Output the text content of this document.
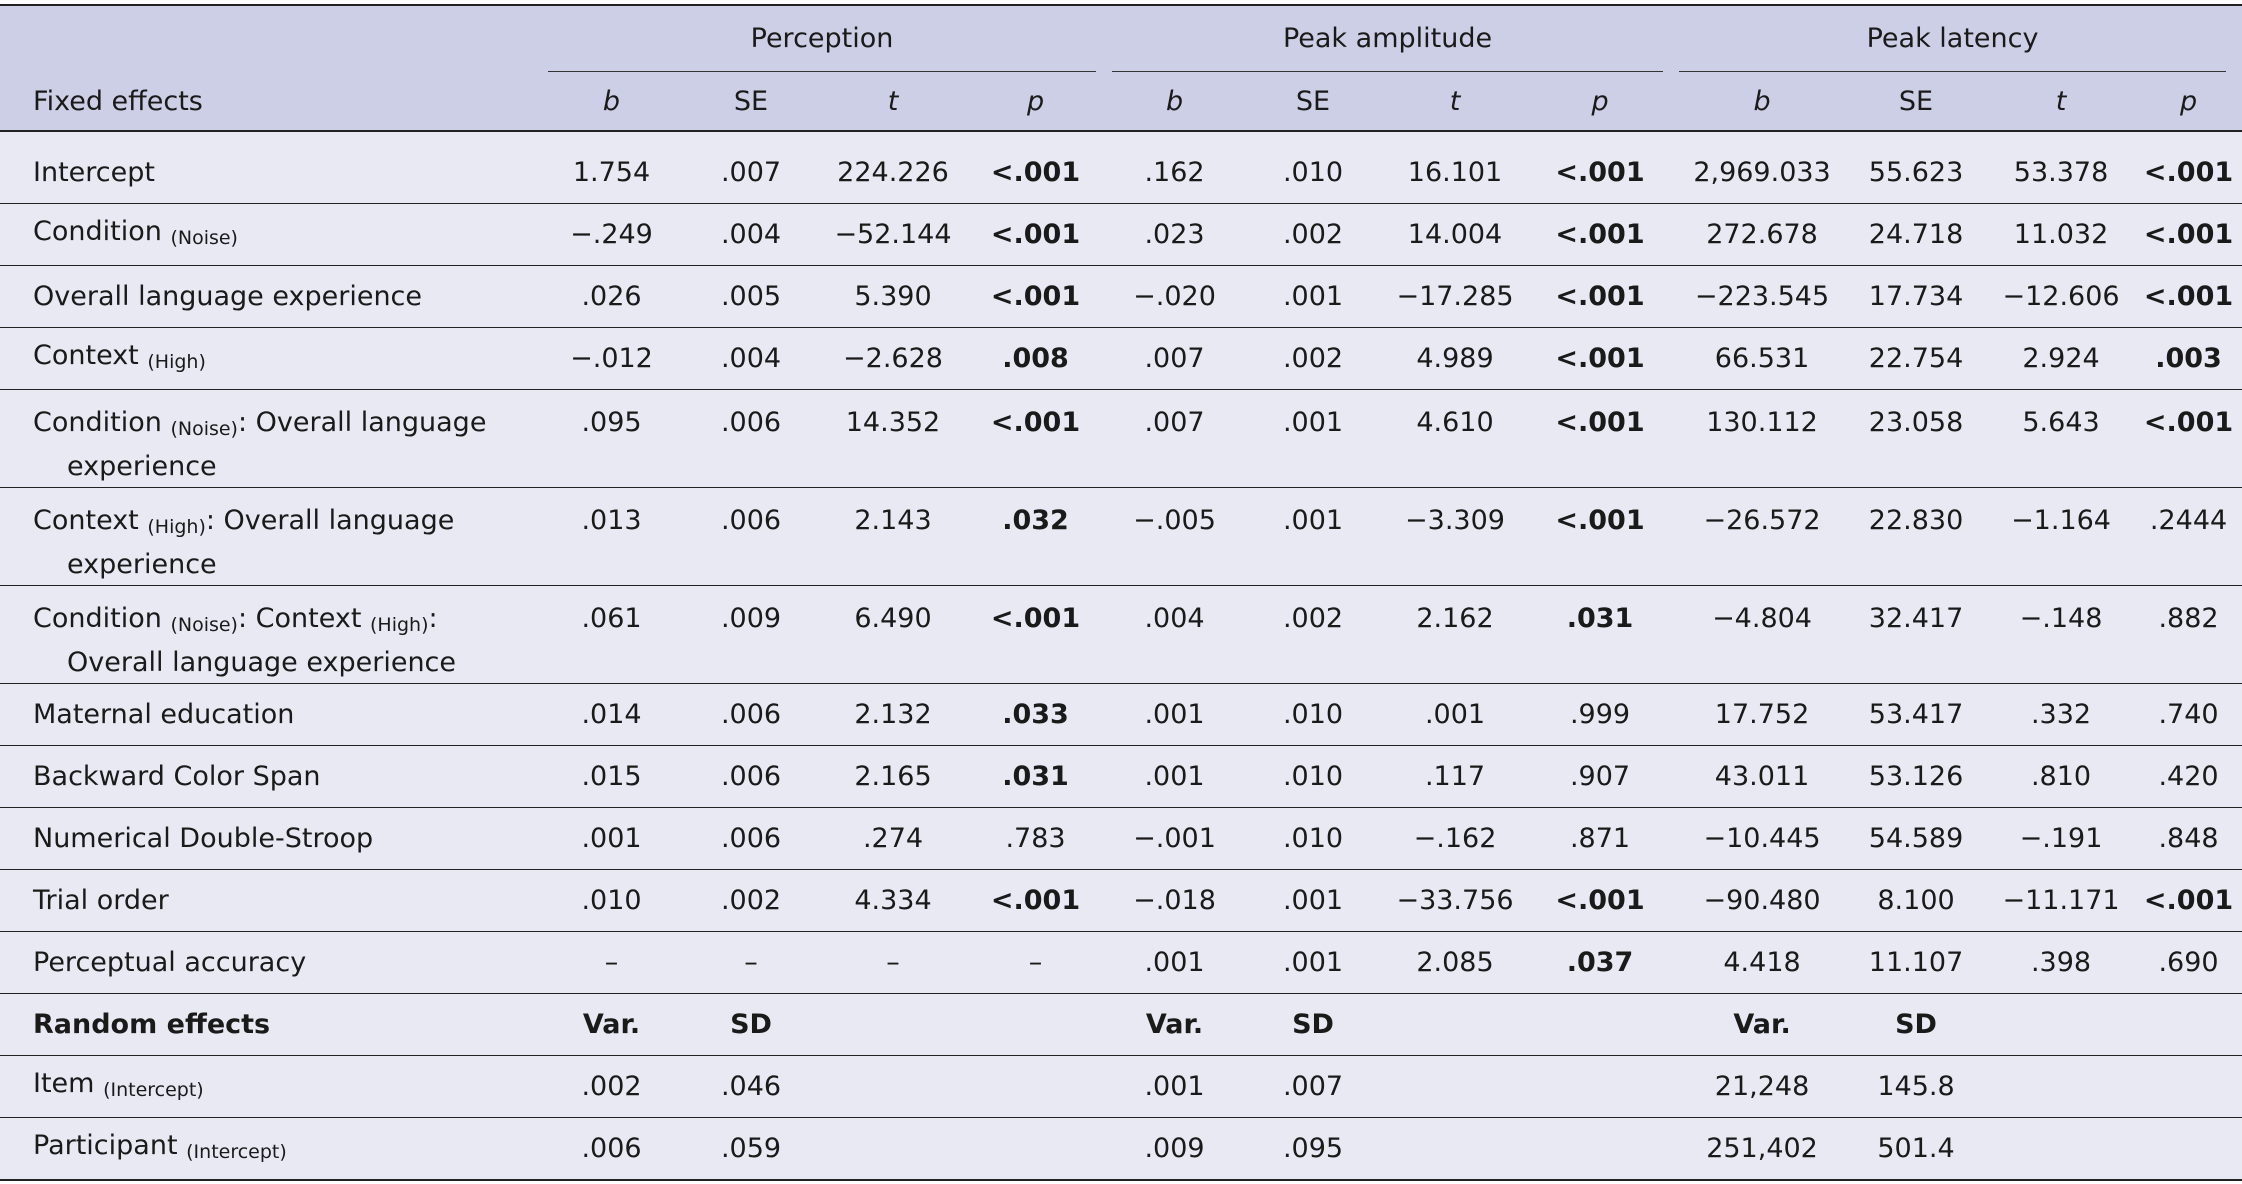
	Perception				Peak amplitude				Peak latency			

Fixed effects	b	SE	t	p	b	SE	t	p	b	SE	t	p

Intercept	1.754	.007	224.226	<.001	.162	.010	16.101	<.001	2,969.033	55.623	53.378	<.001
Condition $_{(Noise)}$	−.249	.004	−52.144	<.001	.023	.002	14.004	<.001	272.678	24.718	11.032	<.001
Overall language experience	.026	.005	5.390	<.001	−.020	.001	−17.285	<.001	−223.545	17.734	−12.606	<.001
Context $_{(High)}$	−.012	.004	−2.628	.008	.007	.002	4.989	<.001	66.531	22.754	2.924	.003
Condition $_{(Noise)}$: Overall language
experience	.095	.006	14.352	<.001	.007	.001	4.610	<.001	130.112	23.058	5.643	<.001
Context $_{(High)}$: Overall language
experience	.013	.006	2.143	.032	−.005	.001	−3.309	<.001	−26.572	22.830	−1.164	.2444
Condition $_{(Noise)}$: Context $_{(High)}$:
Overall language experience	.061	.009	6.490	<.001	.004	.002	2.162	.031	−4.804	32.417	−.148	.882
Maternal education	.014	.006	2.132	.033	.001	.010	.001	.999	17.752	53.417	.332	.740
Backward Color Span	.015	.006	2.165	.031	.001	.010	.117	.907	43.011	53.126	.810	.420
Numerical Double-Stroop	.001	.006	.274	.783	−.001	.010	−.162	.871	−10.445	54.589	−.191	.848
Trial order	.010	.002	4.334	<.001	−.018	.001	−33.756	<.001	−90.480	8.100	−11.171	<.001
Perceptual accuracy	–	–	–	–	.001	.001	2.085	.037	4.418	11.107	.398	.690
Random effects	Var.	SD			Var.	SD			Var.	SD		
Item $_{(Intercept)}$	.002	.046			.001	.007			21,248	145.8		
Participant $_{(Intercept)}$	.006	.059			.009	.095			251,402	501.4		
